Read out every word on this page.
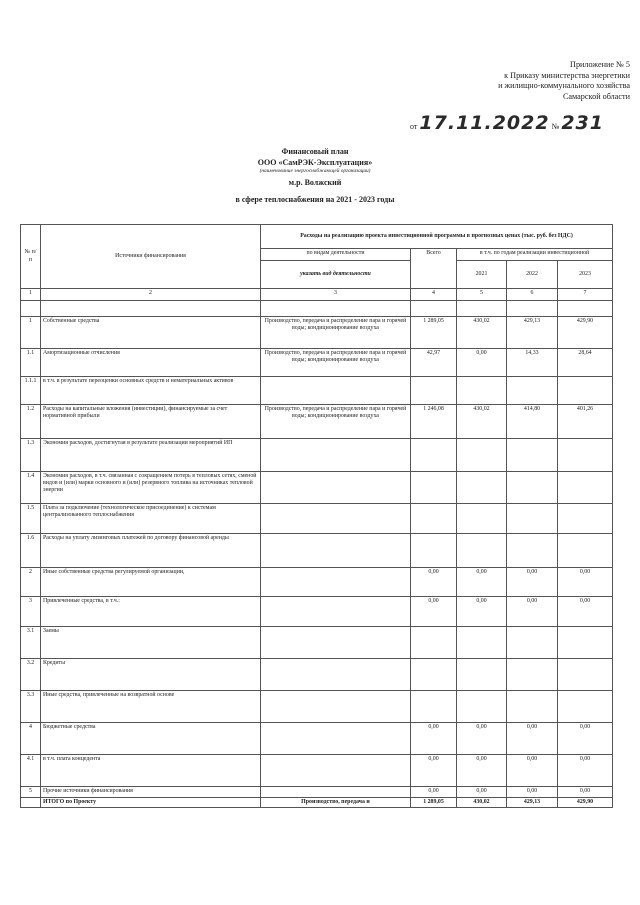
Приложение № 5
к Приказу министерства энергетики
и жилищно-коммунального хозяйства
Самарской области
от 17.11.2022 № 231
Финансовый план
ООО «СамРЭК-Эксплуатация»
(наименование энергоснабжающей организации)
м.р. Волжский
в сфере теплоснабжения на 2021 - 2023 годы
№ п/п	Источники финансирования	Расходы на реализацию проекта инвестиционной программы в прогнозных ценах (тыс. руб. без НДС)				
		по видам деятельности	Всего	в т.ч. по годам реализации инвестиционной		
		указать вид деятельности		2021	2022	2023
1	2	3	4	5	6	7

1	Собственные средства	Производство, передача и распределение пара и горячей воды; кондиционирование воздуха	1 289,05	430,02	429,13	429,90
1.1	Амортизационные отчисления	Производство, передача и распределение пара и горячей воды; кондиционирование воздуха	42,97	0,00	14,33	28,64
1.1.1	в т.ч. в результате переоценки основных средств и нематериальных активов					
1.2	Расходы на капитальные вложения (инвестиции), финансируемые за счет нормативной прибыли	Производство, передача и распределение пара и горячей воды; кондиционирование воздуха	1 246,08	430,02	414,80	401,26
1.3	Экономия расходов, достигнутая в результате реализации мероприятий ИП					
1.4	Экономия расходов, в т.ч. связанная с сокращением потерь в тепловых сетях, сменой видов и (или) марки основного и (или) резервного топлива на источниках тепловой энергии					
1.5	Плата за подключение (технологическое присоединение) к системам централизованного теплоснабжения					
1.6	Расходы на уплату лизинговых платежей по договору финансовой аренды					
2	Иные собственные средства регулируемой организации,		0,00	0,00	0,00	0,00
3	Привлеченные средства, в т.ч.:		0,00	0,00	0,00	0,00
3.1	Заемы					
3.2	Кредиты					
3.3	Иные средства, привлеченные на возвратной основе					
4	Бюджетные средства		0,00	0,00	0,00	0,00
4.1	в т.ч. плата концедента		0,00	0,00	0,00	0,00
5	Прочие источники финансирования		0,00	0,00	0,00	0,00
	ИТОГО по Проекту	Производство, передача и	1 289,05	430,02	429,13	429,90
